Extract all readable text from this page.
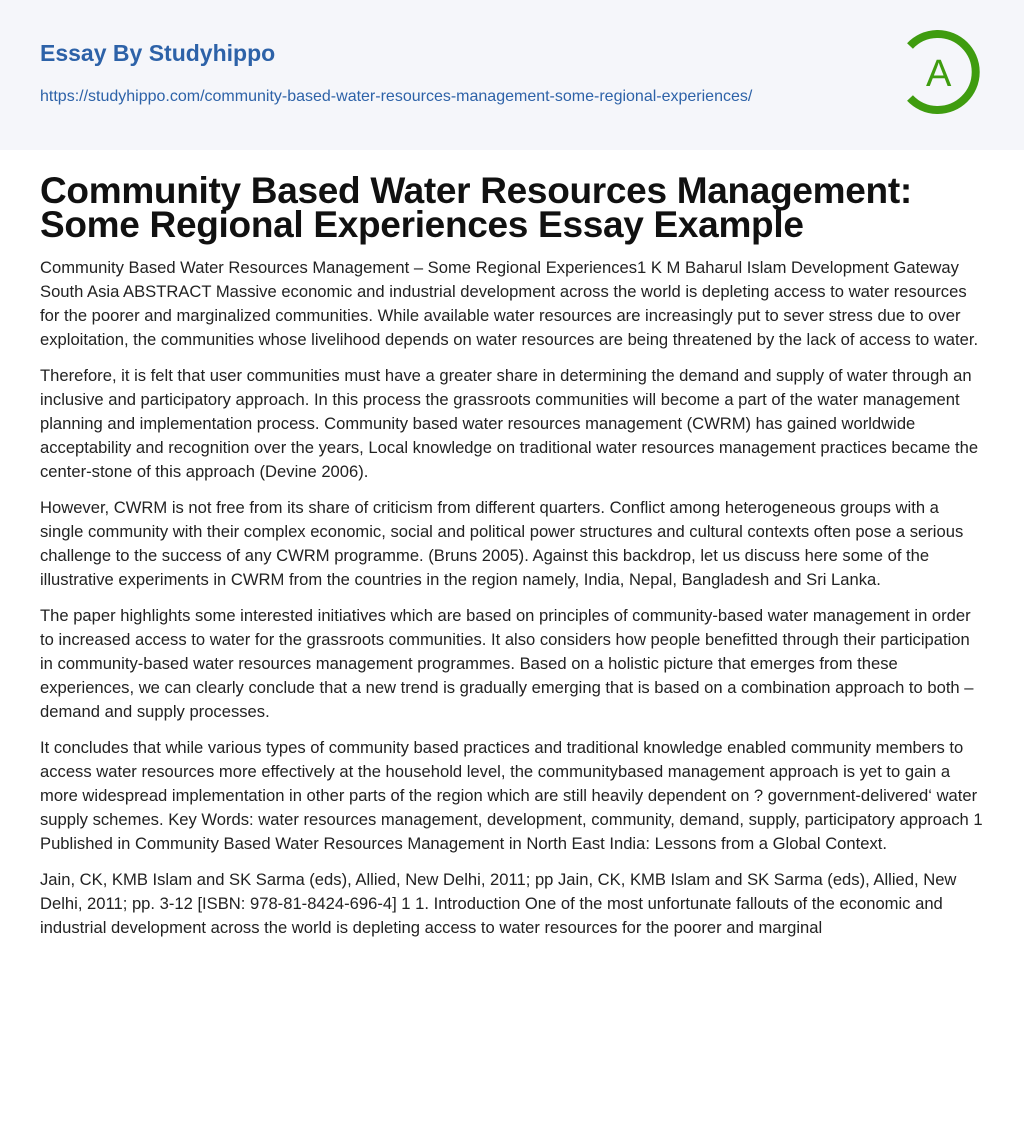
Essay By Studyhippo
https://studyhippo.com/community-based-water-resources-management-some-regional-experiences/
A
Community Based Water Resources Management: Some Regional Experiences Essay Example

Community Based Water Resources Management – Some Regional Experiences1 K M Baharul Islam Development Gateway South Asia ABSTRACT Massive economic and industrial development across the world is depleting access to water resources for the poorer and marginalized communities. While available water resources are increasingly put to sever stress due to over exploitation, the communities whose livelihood depends on water resources are being threatened by the lack of access to water.

Therefore, it is felt that user communities must have a greater share in determining the demand and supply of water through an inclusive and participatory approach. In this process the grassroots communities will become a part of the water management planning and implementation process. Community based water resources management (CWRM) has gained worldwide acceptability and recognition over the years, Local knowledge on traditional water resources management practices became the center-stone of this approach (Devine 2006).

However, CWRM is not free from its share of criticism from different quarters. Conflict among heterogeneous groups with a single community with their complex economic, social and political power structures and cultural contexts often pose a serious challenge to the success of any CWRM programme. (Bruns 2005). Against this backdrop, let us discuss here some of the illustrative experiments in CWRM from the countries in the region namely, India, Nepal, Bangladesh and Sri Lanka.

The paper highlights some interested initiatives which are based on principles of community-based water management in order to increased access to water for the grassroots communities. It also considers how people benefitted through their participation in community-based water resources management programmes. Based on a holistic picture that emerges from these experiences, we can clearly conclude that a new trend is gradually emerging that is based on a combination approach to both – demand and supply processes.

It concludes that while various types of community based practices and traditional knowledge enabled community members to access water resources more effectively at the household level, the communitybased management approach is yet to gain a more widespread implementation in other parts of the region which are still heavily dependent on ? government-delivered‘ water supply schemes. Key Words: water resources management, development, community, demand, supply, participatory approach 1 Published in Community Based Water Resources Management in North East India: Lessons from a Global Context.

Jain, CK, KMB Islam and SK Sarma (eds), Allied, New Delhi, 2011; pp Jain, CK, KMB Islam and SK Sarma (eds), Allied, New Delhi, 2011; pp. 3-12 [ISBN: 978-81-8424-696-4] 1 1. Introduction One of the most unfortunate fallouts of the economic and industrial development across the world is depleting access to water resources for the poorer and marginal
